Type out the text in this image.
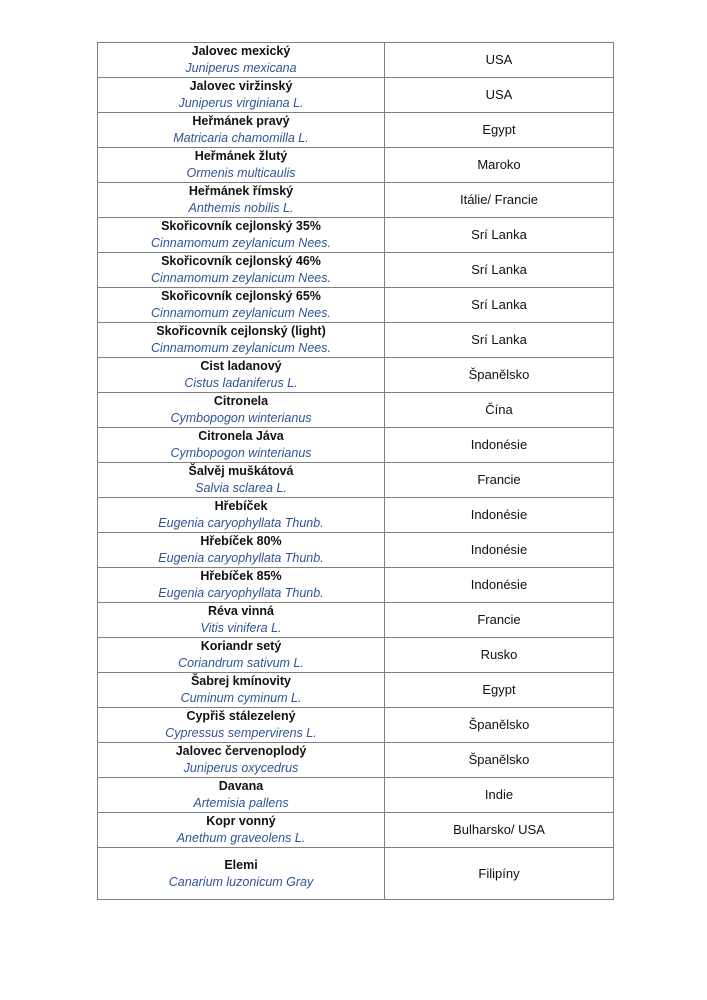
Jalovec mexický
Juniperus mexicana	USA

Jalovec viržinský
Juniperus virginiana L.	USA

Heřmánek pravý
Matricaria chamomilla L.	Egypt

Heřmánek žlutý
Ormenis multicaulis	Maroko

Heřmánek římský
Anthemis nobilis L.	Itálie/ Francie

Skořicovník cejlonský 35%
Cinnamomum zeylanicum Nees.	Srí Lanka

Skořicovník cejlonský 46%
Cinnamomum zeylanicum Nees.	Srí Lanka

Skořicovník cejlonský 65%
Cinnamomum zeylanicum Nees.	Srí Lanka

Skořicovník cejlonský (light)
Cinnamomum zeylanicum Nees.	Srí Lanka

Cist ladanový
Cistus ladaniferus L.	Španělsko

Citronela
Cymbopogon winterianus	Čína

Citronela Jáva
Cymbopogon winterianus	Indonésie

Šalvěj muškátová
Salvia sclarea L.	Francie

Hřebíček
Eugenia caryophyllata Thunb.	Indonésie

Hřebíček 80%
Eugenia caryophyllata Thunb.	Indonésie

Hřebíček 85%
Eugenia caryophyllata Thunb.	Indonésie

Réva vinná
Vitis vinifera L.	Francie

Koriandr setý
Coriandrum sativum L.	Rusko

Šabrej kmínovity
Cuminum cyminum L.	Egypt

Cypřiš stálezelený
Cypressus sempervirens L.	Španělsko

Jalovec červenoplodý
Juniperus oxycedrus	Španělsko

Davana
Artemisia pallens	Indie

Kopr vonný
Anethum graveolens L.	Bulharsko/ USA

Elemi
Canarium luzonicum Gray	Filipíny
